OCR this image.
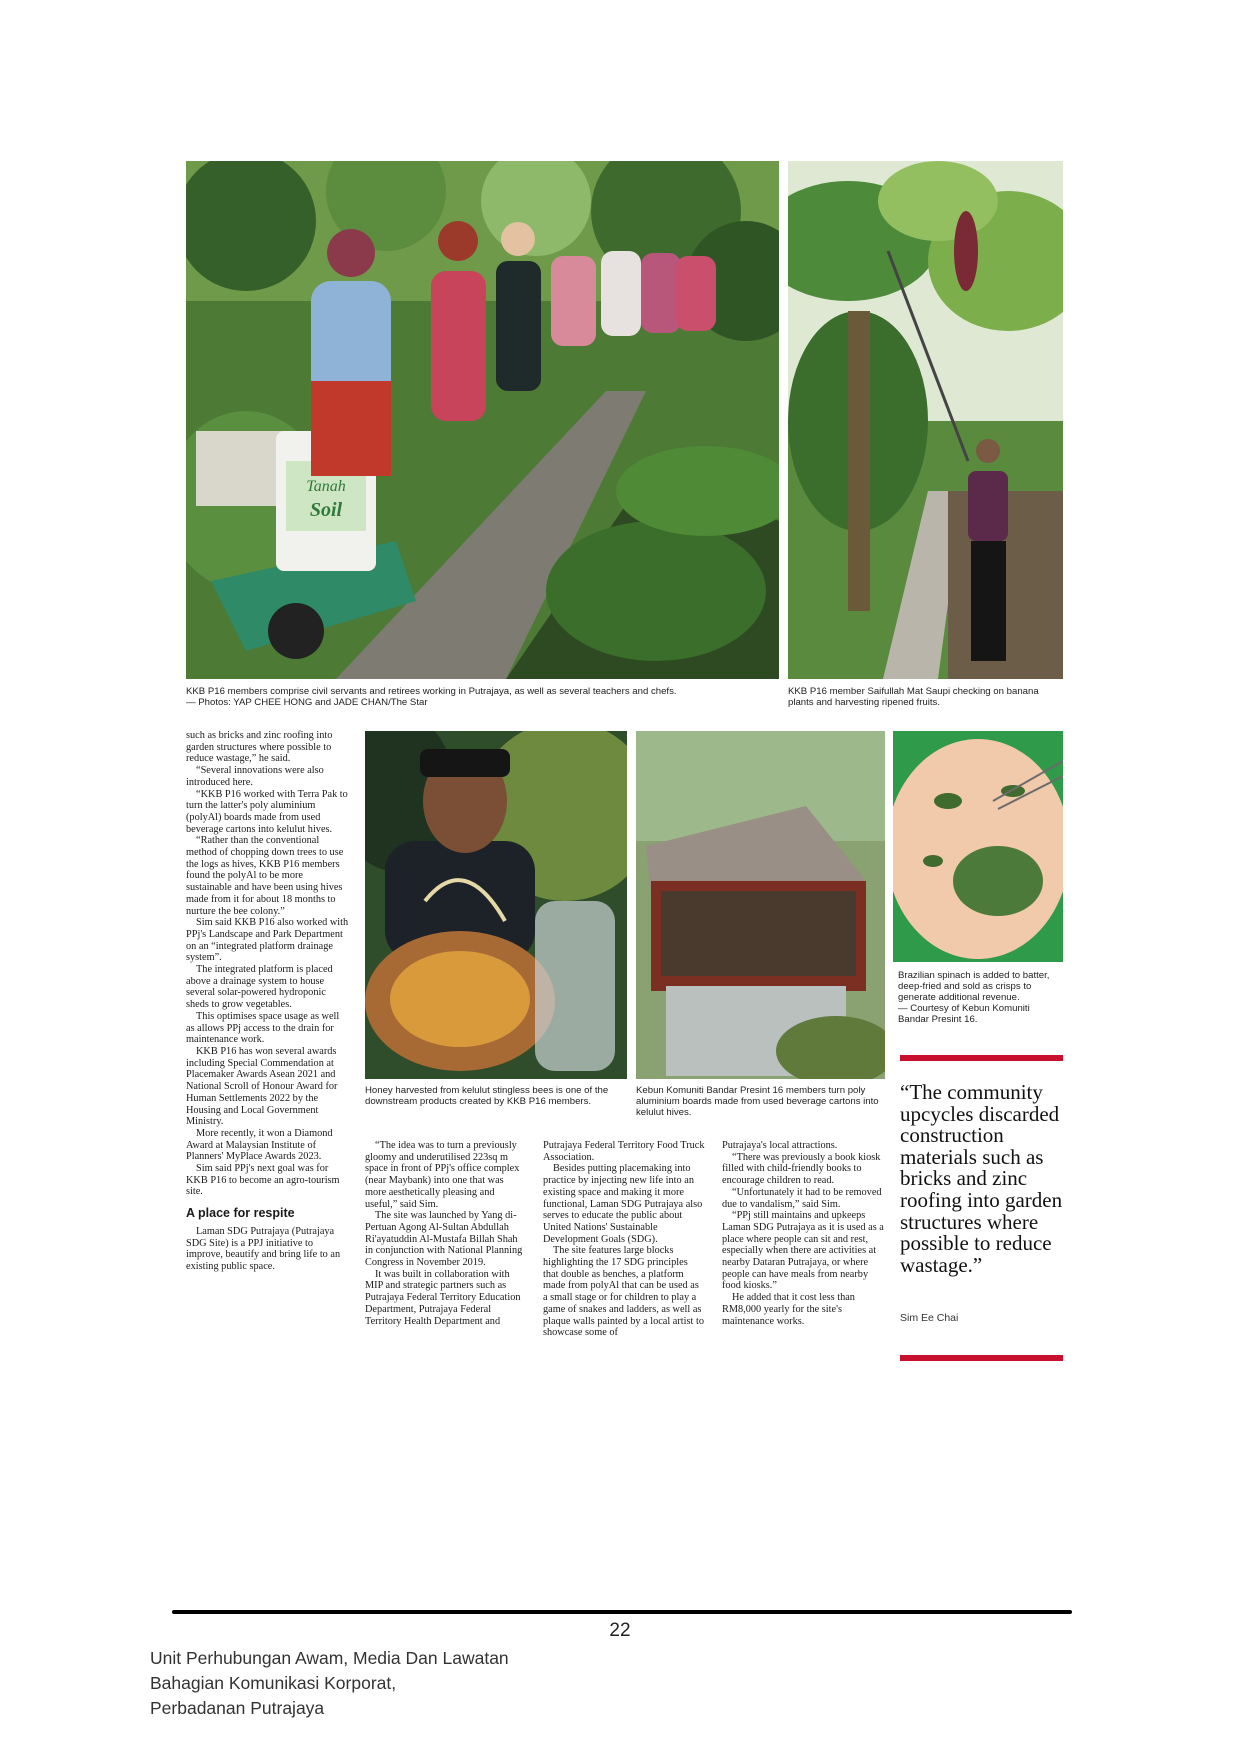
Tanah
Soil

KKB P16 members comprise civil servants and retirees working in Putrajaya, as well as several teachers and chefs.
— Photos: YAP CHEE HONG and JADE CHAN/The Star

KKB P16 member Saifullah Mat Saupi checking on banana plants and harvesting ripened fruits.

such as bricks and zinc roofing into garden structures where possible to reduce wastage,” he said.

“Several innovations were also introduced here.

“KKB P16 worked with Terra Pak to turn the latter's poly aluminium (polyAl) boards made from used beverage cartons into kelulut hives.

“Rather than the conventional method of chopping down trees to use the logs as hives, KKB P16 members found the polyAl to be more sustainable and have been using hives made from it for about 18 months to nurture the bee colony.”

Sim said KKB P16 also worked with PPj's Landscape and Park Department on an “integrated platform drainage system”.

The integrated platform is placed above a drainage system to house several solar-powered hydroponic sheds to grow vegetables.

This optimises space usage as well as allows PPj access to the drain for maintenance work.

KKB P16 has won several awards including Special Commendation at Placemaker Awards Asean 2021 and National Scroll of Honour Award for Human Settlements 2022 by the Housing and Local Government Ministry.

More recently, it won a Diamond Award at Malaysian Institute of Planners' MyPlace Awards 2023.

Sim said PPj's next goal was for KKB P16 to become an agro-tourism site.

A place for respite

Laman SDG Putrajaya (Putrajaya SDG Site) is a PPJ initiative to improve, beautify and bring life to an existing public space.

Honey harvested from kelulut stingless bees is one of the downstream products created by KKB P16 members.

Kebun Komuniti Bandar Presint 16 members turn poly aluminium boards made from used beverage cartons into kelulut hives.

Brazilian spinach is added to batter, deep-fried and sold as crisps to generate additional revenue.
— Courtesy of Kebun Komuniti Bandar Presint 16.

“The idea was to turn a previously gloomy and underutilised 223sq m space in front of PPj's office complex (near Maybank) into one that was more aesthetically pleasing and useful,” said Sim.

The site was launched by Yang di-Pertuan Agong Al-Sultan Abdullah Ri'ayatuddin Al-Mustafa Billah Shah in conjunction with National Planning Congress in November 2019.

It was built in collaboration with MIP and strategic partners such as Putrajaya Federal Territory Education Department, Putrajaya Federal Territory Health Department and

Putrajaya Federal Territory Food Truck Association.

Besides putting placemaking into practice by injecting new life into an existing space and making it more functional, Laman SDG Putrajaya also serves to educate the public about United Nations' Sustainable Development Goals (SDG).

The site features large blocks highlighting the 17 SDG principles that double as benches, a platform made from polyAl that can be used as a small stage or for children to play a game of snakes and ladders, as well as plaque walls painted by a local artist to showcase some of

Putrajaya's local attractions.

“There was previously a book kiosk filled with child-friendly books to encourage children to read.

“Unfortunately it had to be removed due to vandalism,” said Sim.

“PPj still maintains and upkeeps Laman SDG Putrajaya as it is used as a place where people can sit and rest, especially when there are activities at nearby Dataran Putrajaya, or where people can have meals from nearby food kiosks.”

He added that it cost less than RM8,000 yearly for the site's maintenance works.

“The community upcycles discarded construction materials such as bricks and zinc roofing into garden structures where possible to reduce wastage.”

Sim Ee Chai
22
Unit Perhubungan Awam, Media Dan Lawatan
Bahagian Komunikasi Korporat,
Perbadanan Putrajaya
